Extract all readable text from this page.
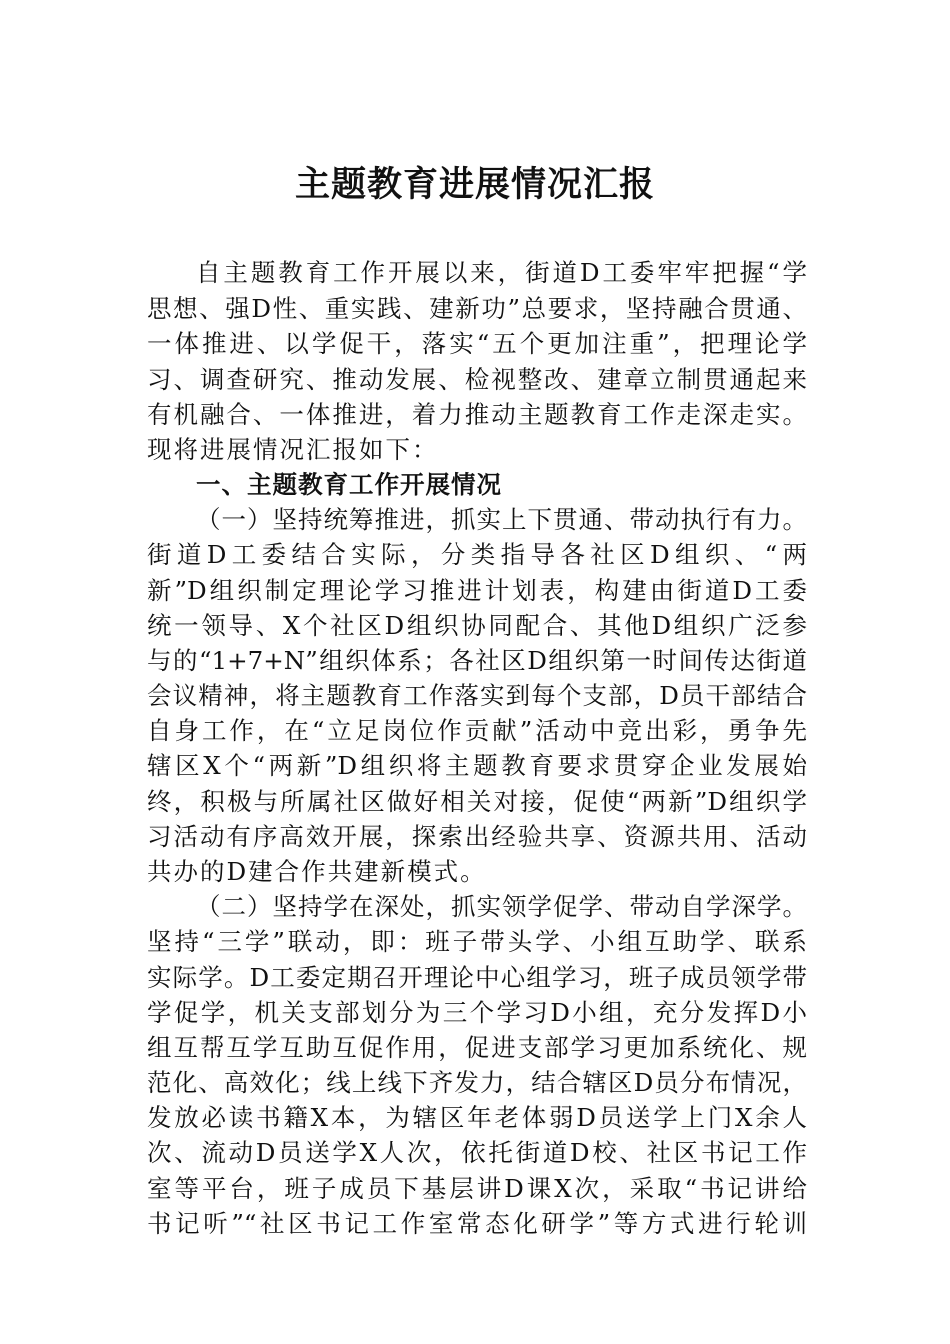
主题教育进展情况汇报
自主题教育工作开展以来，街道D工委牢牢把握“学
思想、强D性、重实践、建新功”总要求，坚持融合贯通、
一体推进、以学促干，落实“五个更加注重”，把理论学
习、调查研究、推动发展、检视整改、建章立制贯通起来
有机融合、一体推进，着力推动主题教育工作走深走实。
现将进展情况汇报如下：
一、主题教育工作开展情况
（一）坚持统筹推进，抓实上下贯通、带动执行有力。
街道D工委结合实际，分类指导各社区D组织、“两
新”D组织制定理论学习推进计划表，构建由街道D工委
统一领导、X个社区D组织协同配合、其他D组织广泛参
与的“1+7+N”组织体系；各社区D组织第一时间传达街道
会议精神，将主题教育工作落实到每个支部，D员干部结合
自身工作，在“立足岗位作贡献”活动中竞出彩，勇争先
辖区X个“两新”D组织将主题教育要求贯穿企业发展始
终，积极与所属社区做好相关对接，促使“两新”D组织学
习活动有序高效开展，探索出经验共享、资源共用、活动
共办的D建合作共建新模式。
（二）坚持学在深处，抓实领学促学、带动自学深学。
坚持“三学”联动，即：班子带头学、小组互助学、联系
实际学。D工委定期召开理论中心组学习，班子成员领学带
学促学，机关支部划分为三个学习D小组，充分发挥D小
组互帮互学互助互促作用，促进支部学习更加系统化、规
范化、高效化；线上线下齐发力，结合辖区D员分布情况，
发放必读书籍X本，为辖区年老体弱D员送学上门X余人
次、流动D员送学X人次，依托街道D校、社区书记工作
室等平台，班子成员下基层讲D课X次，采取“书记讲给
书记听”“社区书记工作室常态化研学”等方式进行轮训
